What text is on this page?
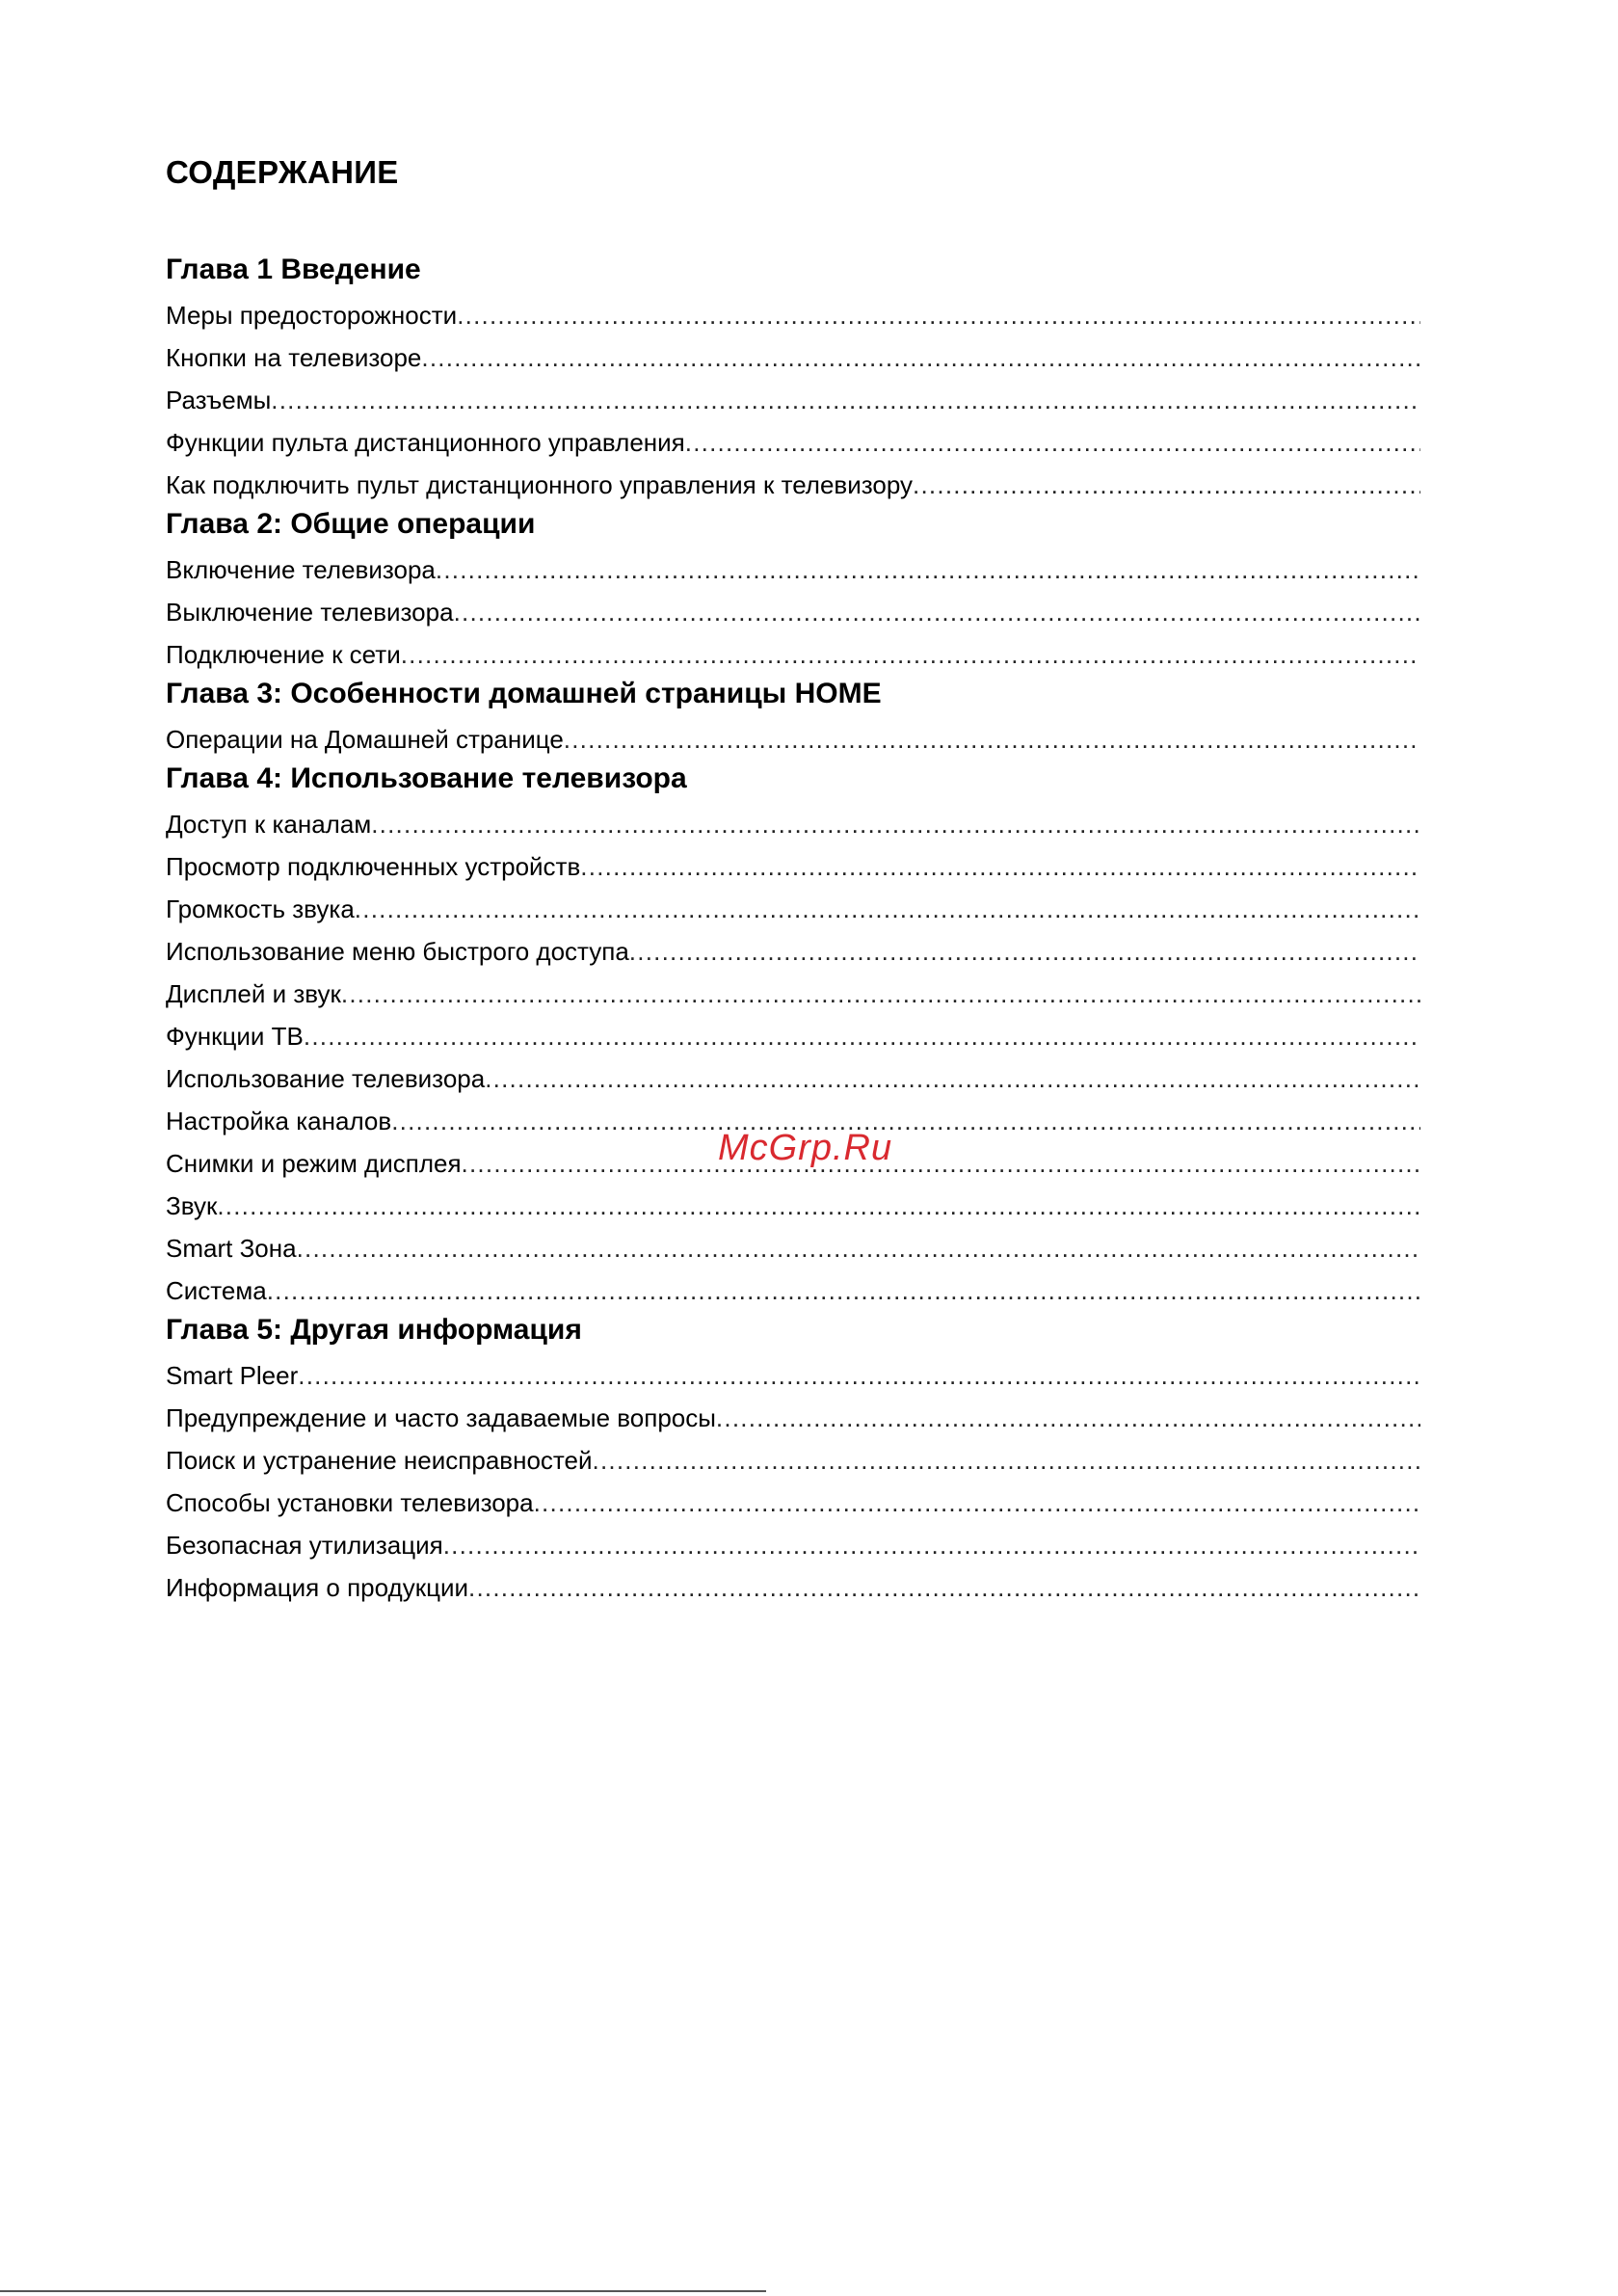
СОДЕРЖАНИЕ
Глава 1 Введение
Меры предосторожности
. . .
Кнопки на телевизоре
. . .
Разъемы
. . .
Функции пульта дистанционного управления
. . .
Как подключить пульт дистанционного управления к телевизору
. . .
Глава 2: Общие операции
Включение телевизора
. . .
Выключение телевизора
. . .
Подключение к сети
. . .
Глава 3: Особенности домашней страницы HOME
Операции на Домашней странице
. . .
Глава 4: Использование телевизора
Доступ к каналам
. . .
Просмотр подключенных устройств
. . .
Громкость звука
. . .
Использование меню быстрого доступа
. . .
Дисплей и звук
. . .
Функции ТВ
. . .
Использование телевизора
. . .
Настройка каналов
. . .
Снимки и режим дисплея
. . .
Звук
. . .
Smart Зона
. . .
Система
. . .
Глава 5: Другая информация
Smart Pleer
. . .
Предупреждение и часто задаваемые вопросы
. . .
Поиск и устранение неисправностей
. . .
Способы установки телевизора
. . .
Безопасная утилизация
. . .
Информация о продукции
. . .
McGrp.Ru
